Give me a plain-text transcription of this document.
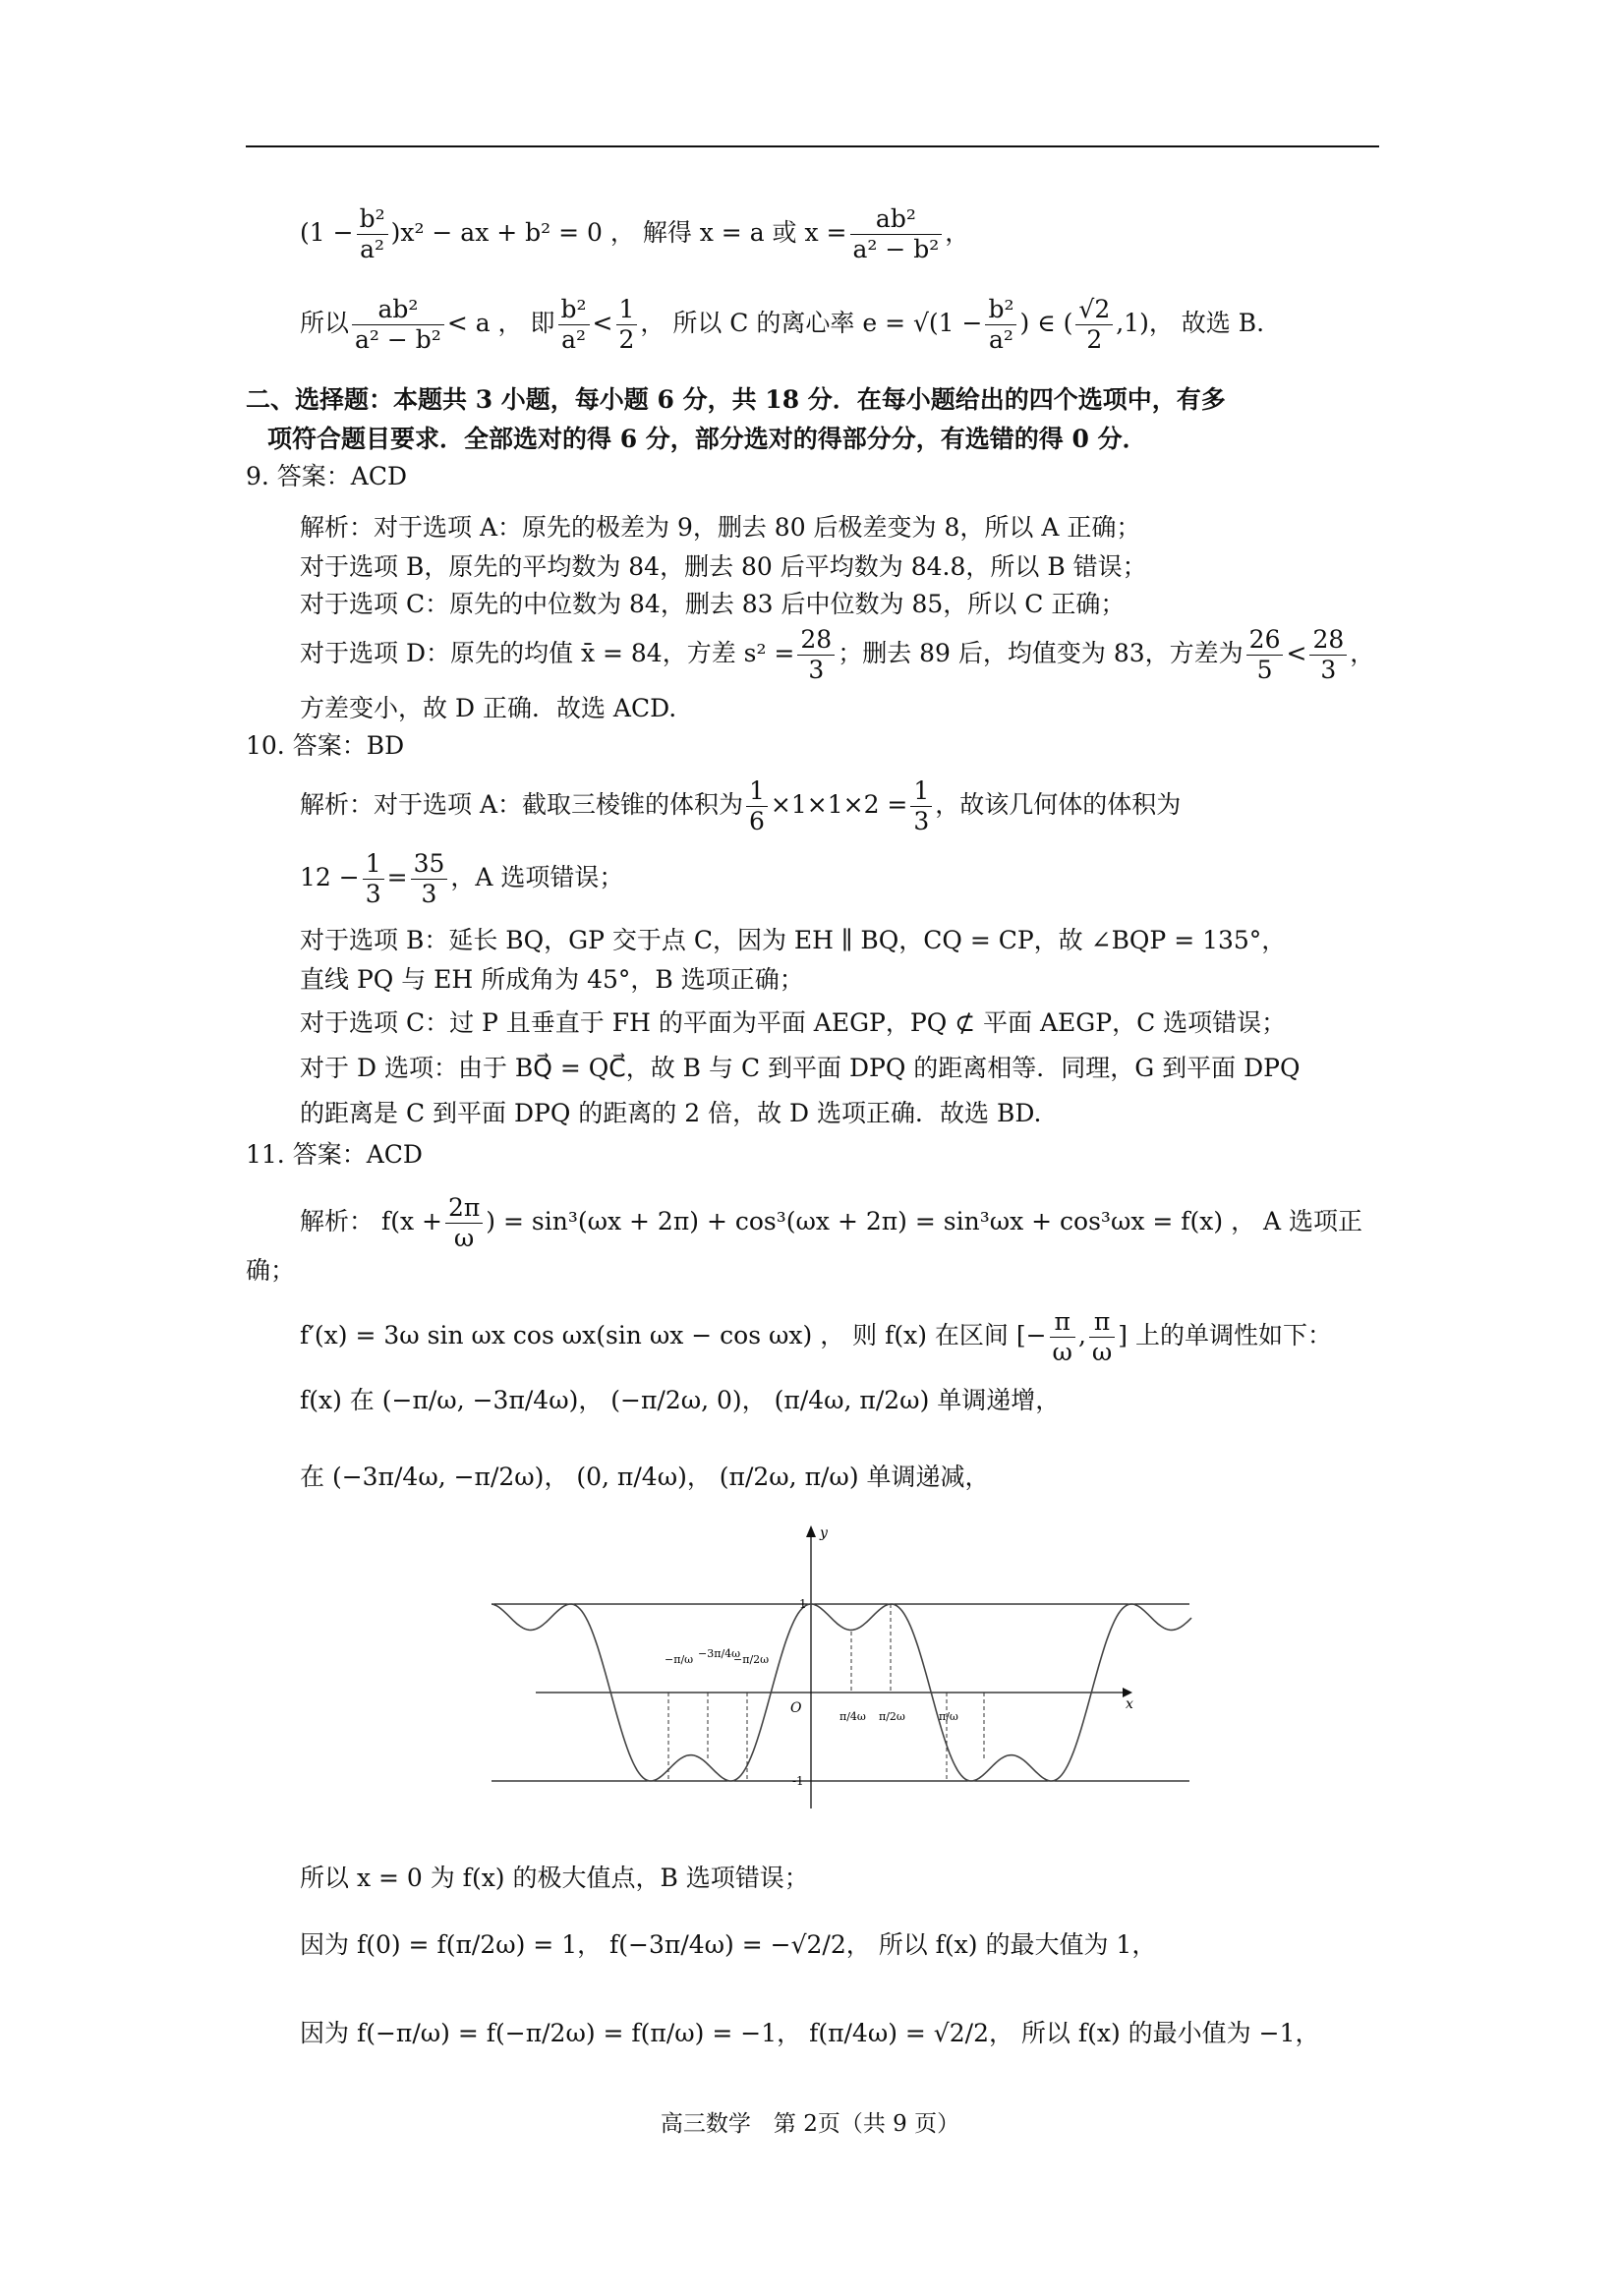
$(1 - \frac{\text{b²}}{\text{a²}} )x^2$ − ax + b² = 0 ， 解得 x = a 或 $x = \frac{\text{ab²}}{\text{a² − b²}}$ ，
所以 $\frac{\text{ab²}}{\text{a² − b²}} < a$ ， 即 $\frac{\text{b²}}{\text{a²}} < \frac{1}{2}$ ， 所以 C 的离心率 $e = √(1 - \frac{\text{b²}}{\text{a²}}$ ) ∈ ( $\frac{√2}{2} ,1$)， 故选 B.
二、选择题：本题共 3 小题，每小题 6 分，共 18 分．在每小题给出的四个选项中，有多
项符合题目要求．全部选对的得 6 分，部分选对的得部分分，有选错的得 0 分．
9. 答案：ACD
解析：对于选项 A：原先的极差为 9，删去 80 后极差变为 8，所以 A 正确；
对于选项 B，原先的平均数为 84，删去 80 后平均数为 84.8，所以 B 错误；
对于选项 C：原先的中位数为 84，删去 83 后中位数为 85，所以 C 正确；
对于选项 D：原先的均值 x̄ = 84，方差 $s^2 = \frac{28}{3}$ ；删去 89 后，均值变为 83，方差为 $\frac{26}{5} < \frac{28}{3}$ ，
方差变小，故 D 正确．故选 ACD.
10. 答案：BD
解析：对于选项 A：截取三棱锥的体积为 $\frac{1}{6} \times 1\times 1\times 2 = \frac{1}{3}$ ，故该几何体的体积为
$12 - \frac{1}{3} = \frac{35}{3}$ ，A 选项错误；
对于选项 B：延长 BQ，GP 交于点 C，因为 EH ∥ BQ，CQ = CP，故 ∠BQP = 135°，
直线 PQ 与 EH 所成角为 45°，B 选项正确；
对于选项 C：过 P 且垂直于 FH 的平面为平面 AEGP，PQ ⊄ 平面 AEGP，C 选项错误；
对于 D 选项：由于 BQ⃗ = QC⃗，故 B 与 C 到平面 DPQ 的距离相等．同理，G 到平面 DPQ
的距离是 C 到平面 DPQ 的距离的 2 倍，故 D 选项正确．故选 BD.
11. 答案：ACD
解析： $f(x + \frac{2\pi}{\omega}$ ) = sin³(ωx + 2π) + cos³(ωx + 2π) = sin³ωx + cos³ωx = f(x) ， A 选项正
确；
f′(x) = 3ω sin ωx cos ωx(sin ωx − cos ωx) ， 则 f(x) 在区间 [− $\frac{\pi}{\omega}$ , $\frac{\pi}{\omega}$ ] 上的单调性如下：
f(x) 在 (−π/ω, −3π/4ω)， (−π/2ω, 0)， (π/4ω, π/2ω) 单调递增，
在 (−3π/4ω, −π/2ω)， (0, π/4ω)， (π/2ω, π/ω) 单调递减，
x
y
O
1
-1
−π/ω −3π/4ω
−π/2ω
π/4ω π/2ω	π/ω
所以 x = 0 为 f(x) 的极大值点，B 选项错误；
因为 f(0) = f(π/2ω) = 1， f(−3π/4ω) = −√2/2， 所以 f(x) 的最大值为 1，
因为 f(−π/ω) = f(−π/2ω) = f(π/ω) = −1， f(π/4ω) = √2/2， 所以 f(x) 的最小值为 −1，
高三数学　第 2页（共 9 页）
